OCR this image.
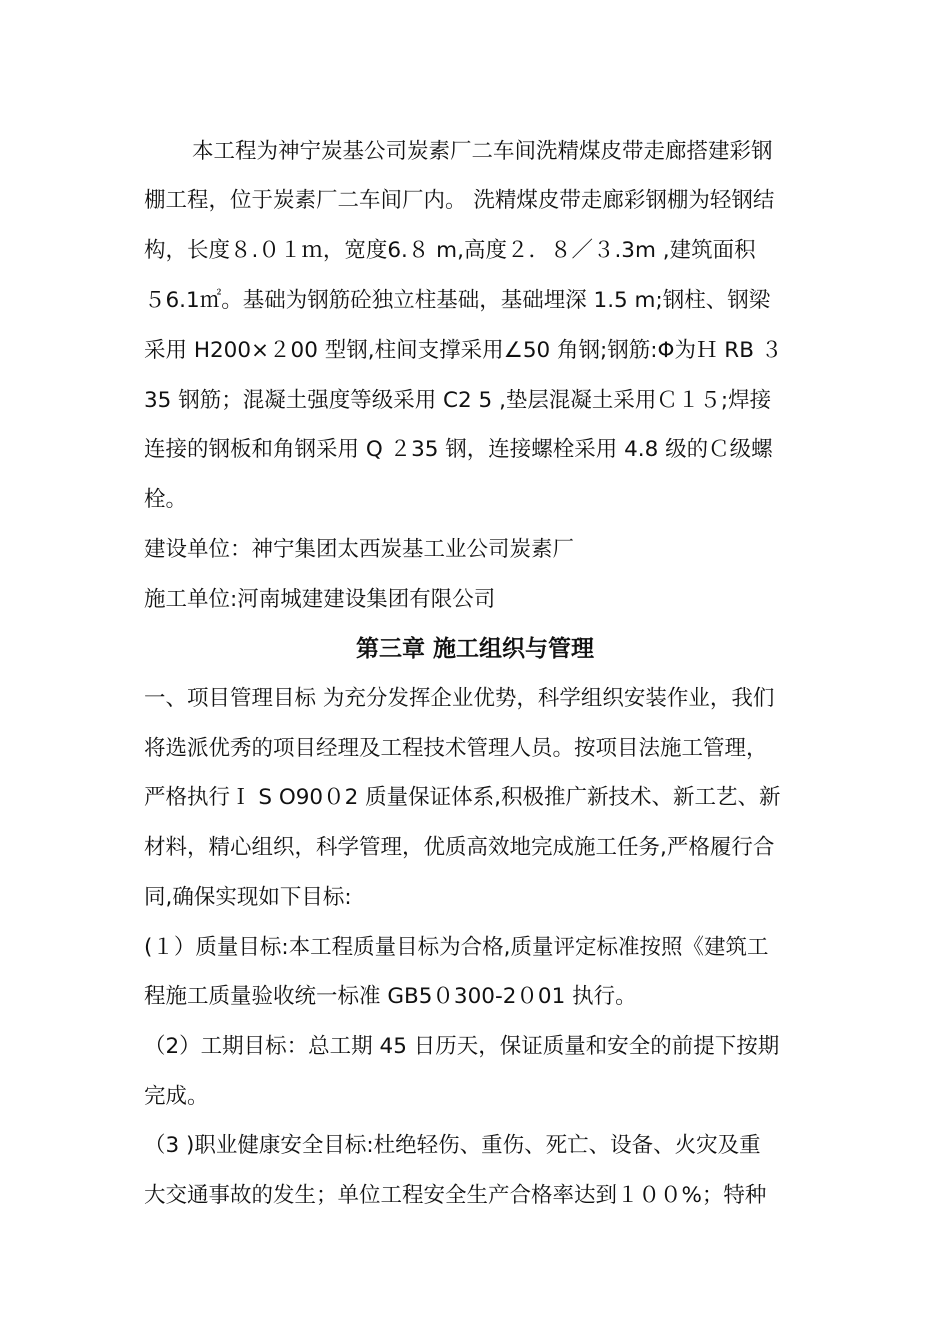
本工程为神宁炭基公司炭素厂二车间洗精煤皮带走廊搭建彩钢
棚工程，位于炭素厂二车间厂内。 洗精煤皮带走廊彩钢棚为轻钢结
构，长度８.０１ｍ，宽度6.８ m,高度２．８／３.3m ,建筑面积
５6.1㎡。基础为钢筋砼独立柱基础，基础埋深 1.5 m;钢柱、钢梁
采用 H200×２00 型钢,柱间支撑采用∠50 角钢;钢筋:Φ为Ｈ RB ３
35 钢筋；混凝土强度等级采用 C2 5 ,垫层混凝土采用Ｃ１５;焊接
连接的钢板和角钢采用 Q ２35 钢，连接螺栓采用 4.8 级的Ｃ级螺
栓。
建设单位：神宁集团太西炭基工业公司炭素厂
施工单位:河南城建建设集团有限公司
第三章 施工组织与管理
一、项目管理目标 为充分发挥企业优势，科学组织安装作业，我们
将选派优秀的项目经理及工程技术管理人员。按项目法施工管理，
严格执行Ｉ S O90０2 质量保证体系,积极推广新技术、新工艺、新
材料，精心组织，科学管理，优质高效地完成施工任务,严格履行合
同,确保实现如下目标:
(１）质量目标:本工程质量目标为合格,质量评定标准按照《建筑工
程施工质量验收统一标准 GB5０300-2０01 执行。
（2）工期目标：总工期 45 日历天，保证质量和安全的前提下按期
完成。
（3 )职业健康安全目标:杜绝轻伤、重伤、死亡、设备、火灾及重
大交通事故的发生；单位工程安全生产合格率达到１００%；特种
